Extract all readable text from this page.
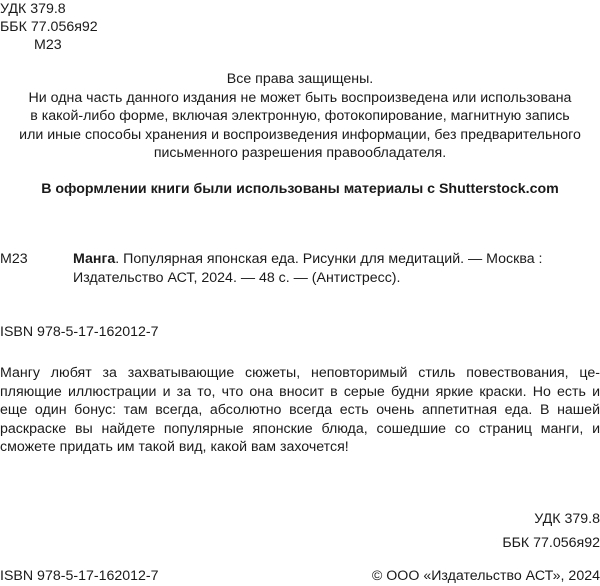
УДК 379.8
ББК 77.056я92
М23
Все права защищены.
Ни одна часть данного издания не может быть воспроизведена или использована
в какой-либо форме, включая электронную, фотокопирование, магнитную запись
или иные способы хранения и воспроизведения информации, без предварительного
письменного разрешения правообладателя.
В оформлении книги были использованы материалы с Shutterstock.com
М23	Манга. Популярная японская еда. Рисунки для медитаций. — Москва :
Издательство АСТ, 2024. — 48 с. — (Антистресс).
ISBN 978-5-17-162012-7
Мангу любят за захватывающие сюжеты, неповторимый стиль повествования, це-
пляющие иллюстрации и за то, что она вносит в серые будни яркие краски. Но есть и
еще один бонус: там всегда, абсолютно всегда есть очень аппетитная еда. В нашей
раскраске вы найдете популярные японские блюда, сошедшие со страниц манги, и
сможете придать им такой вид, какой вам захочется!
УДК 379.8
ББК 77.056я92
ISBN 978-5-17-162012-7	© ООО «Издательство АСТ», 2024
